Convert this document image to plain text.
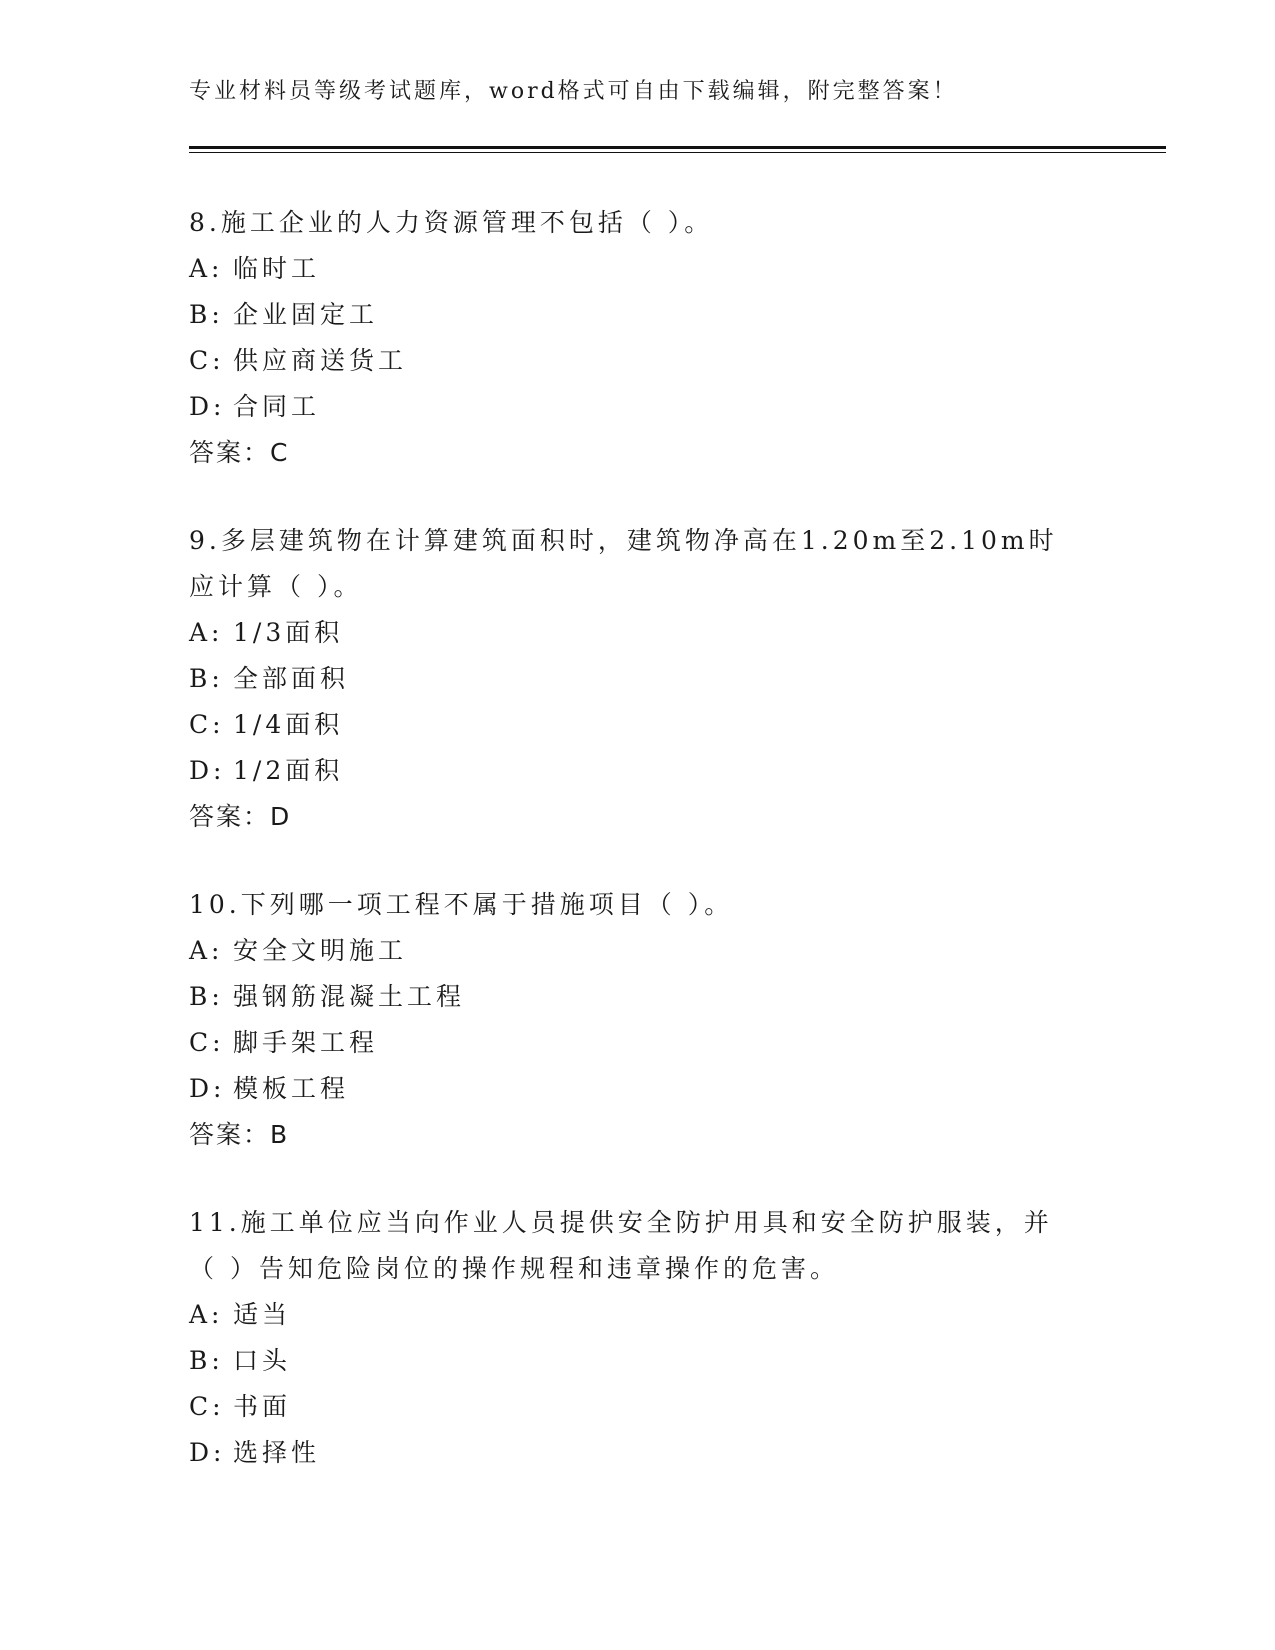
专业材料员等级考试题库，word格式可自由下载编辑，附完整答案！
8.施工企业的人力资源管理不包括（ ）。
A: 临时工
B: 企业固定工
C: 供应商送货工
D: 合同工
答案：C
9.多层建筑物在计算建筑面积时，建筑物净高在1.20m至2.10m时应计算（ ）。
A: 1/3面积
B: 全部面积
C: 1/4面积
D: 1/2面积
答案：D
10.下列哪一项工程不属于措施项目（ ）。
A: 安全文明施工
B: 强钢筋混凝土工程
C: 脚手架工程
D: 模板工程
答案：B
11.施工单位应当向作业人员提供安全防护用具和安全防护服装，并（ ）告知危险岗位的操作规程和违章操作的危害。
A: 适当
B: 口头
C: 书面
D: 选择性
